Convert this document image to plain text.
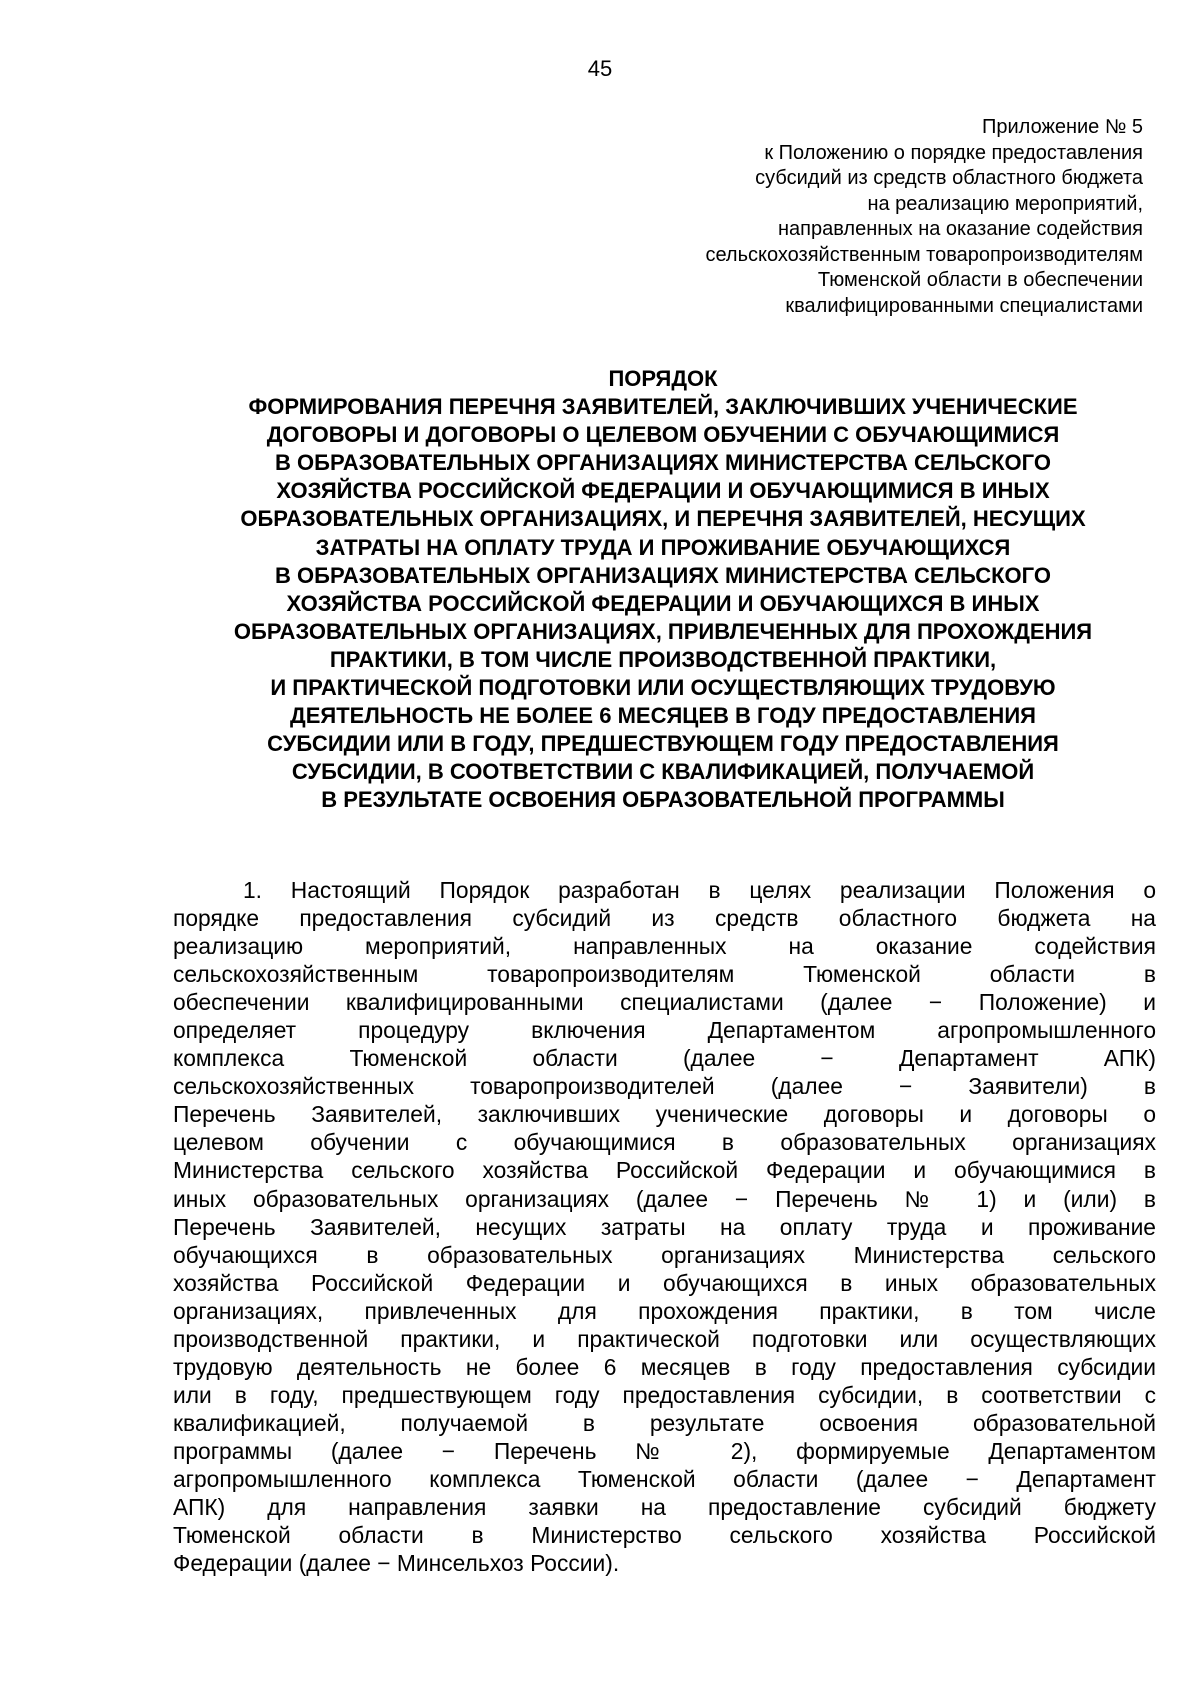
45
Приложение № 5
к Положению о порядке предоставления
субсидий из средств областного бюджета
на реализацию мероприятий,
направленных на оказание содействия
сельскохозяйственным товаропроизводителям
Тюменской области в обеспечении
квалифицированными специалистами
ПОРЯДОК
ФОРМИРОВАНИЯ ПЕРЕЧНЯ ЗАЯВИТЕЛЕЙ, ЗАКЛЮЧИВШИХ УЧЕНИЧЕСКИЕ
ДОГОВОРЫ И ДОГОВОРЫ О ЦЕЛЕВОМ ОБУЧЕНИИ С ОБУЧАЮЩИМИСЯ
В ОБРАЗОВАТЕЛЬНЫХ ОРГАНИЗАЦИЯХ МИНИСТЕРСТВА СЕЛЬСКОГО
ХОЗЯЙСТВА РОССИЙСКОЙ ФЕДЕРАЦИИ И ОБУЧАЮЩИМИСЯ В ИНЫХ
ОБРАЗОВАТЕЛЬНЫХ ОРГАНИЗАЦИЯХ, И ПЕРЕЧНЯ ЗАЯВИТЕЛЕЙ, НЕСУЩИХ
ЗАТРАТЫ НА ОПЛАТУ ТРУДА И ПРОЖИВАНИЕ ОБУЧАЮЩИХСЯ
В ОБРАЗОВАТЕЛЬНЫХ ОРГАНИЗАЦИЯХ МИНИСТЕРСТВА СЕЛЬСКОГО
ХОЗЯЙСТВА РОССИЙСКОЙ ФЕДЕРАЦИИ И ОБУЧАЮЩИХСЯ В ИНЫХ
ОБРАЗОВАТЕЛЬНЫХ ОРГАНИЗАЦИЯХ, ПРИВЛЕЧЕННЫХ ДЛЯ ПРОХОЖДЕНИЯ
ПРАКТИКИ, В ТОМ ЧИСЛЕ ПРОИЗВОДСТВЕННОЙ ПРАКТИКИ,
И ПРАКТИЧЕСКОЙ ПОДГОТОВКИ ИЛИ ОСУЩЕСТВЛЯЮЩИХ ТРУДОВУЮ
ДЕЯТЕЛЬНОСТЬ НЕ БОЛЕЕ 6 МЕСЯЦЕВ В ГОДУ ПРЕДОСТАВЛЕНИЯ
СУБСИДИИ ИЛИ В ГОДУ, ПРЕДШЕСТВУЮЩЕМ ГОДУ ПРЕДОСТАВЛЕНИЯ
СУБСИДИИ, В СООТВЕТСТВИИ С КВАЛИФИКАЦИЕЙ, ПОЛУЧАЕМОЙ
В РЕЗУЛЬТАТЕ ОСВОЕНИЯ ОБРАЗОВАТЕЛЬНОЙ ПРОГРАММЫ
1. Настоящий Порядок разработан в целях реализации Положения о
порядке предоставления субсидий из средств областного бюджета на
реализацию мероприятий, направленных на оказание содействия
сельскохозяйственным товаропроизводителям Тюменской области в
обеспечении квалифицированными специалистами (далее − Положение) и
определяет процедуру включения Департаментом агропромышленного
комплекса Тюменской области (далее − Департамент АПК)
сельскохозяйственных товаропроизводителей (далее − Заявители) в
Перечень Заявителей, заключивших ученические договоры и договоры о
целевом обучении с обучающимися в образовательных организациях
Министерства сельского хозяйства Российской Федерации и обучающимися в
иных образовательных организациях (далее − Перечень № 1) и (или) в
Перечень Заявителей, несущих затраты на оплату труда и проживание
обучающихся в образовательных организациях Министерства сельского
хозяйства Российской Федерации и обучающихся в иных образовательных
организациях, привлеченных для прохождения практики, в том числе
производственной практики, и практической подготовки или осуществляющих
трудовую деятельность не более 6 месяцев в году предоставления субсидии
или в году, предшествующем году предоставления субсидии, в соответствии с
квалификацией, получаемой в результате освоения образовательной
программы (далее − Перечень № 2), формируемые Департаментом
агропромышленного комплекса Тюменской области (далее − Департамент
АПК) для направления заявки на предоставление субсидий бюджету
Тюменской области в Министерство сельского хозяйства Российской
Федерации (далее − Минсельхоз России).
